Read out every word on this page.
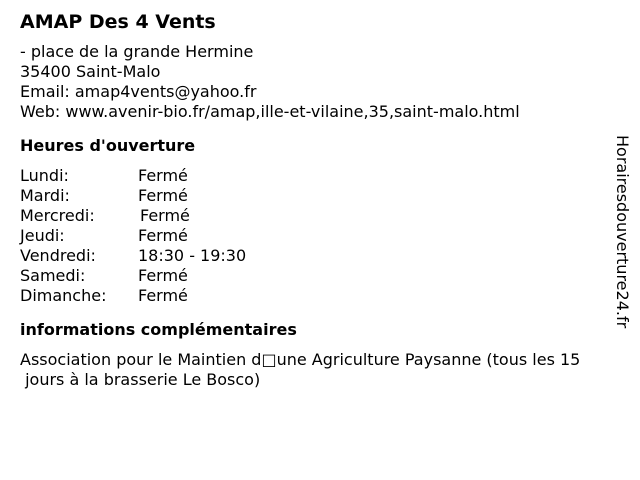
AMAP Des 4 Vents
- place de la grande Hermine
35400 Saint-Malo
Email: amap4vents@yahoo.fr
Web: www.avenir-bio.fr/amap,ille-et-vilaine,35,saint-malo.html
Heures d'ouverture
Lundi:	Fermé
Mardi:	Fermé
Mercredi:	Fermé
Jeudi:	Fermé
Vendredi:	18:30 - 19:30
Samedi:	Fermé
Dimanche:	Fermé
informations complémentaires
Association pour le Maintien d□une Agriculture Paysanne (tous les 15
jours à la brasserie Le Bosco)
Horairesdouverture24.fr
